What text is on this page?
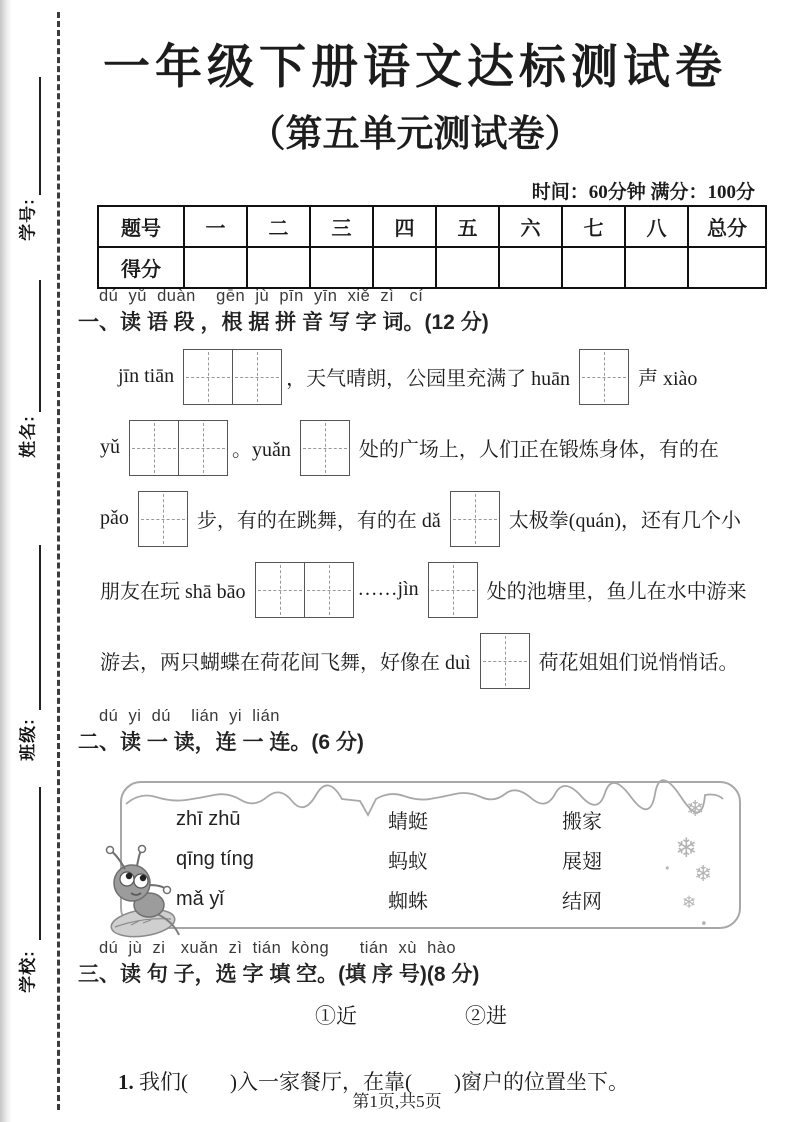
学号:
姓名:
班级:
学校:
一年级下册语文达标测试卷
（第五单元测试卷）
时间：60分钟 满分：100分
题号	一	二	三	四	五	六	七	八	总分
得分									
dú  yǔ  duàn    gēn  jù  pīn  yīn  xiě  zì   cí
一、读 语 段 ，根 据 拼 音 写 字 词。(12 分)
jīn tiān	，天气晴朗，公园里充满了 huān	声 xiào
yǔ	。yuǎn	处的广场上，人们正在锻炼身体，有的在
pǎo	步，有的在跳舞，有的在 dǎ	太极拳(quán)，还有几个小
朋友在玩 shā bāo	……jìn	处的池塘里，鱼儿在水中游来
游去，两只蝴蝶在荷花间飞舞，好像在 duì	荷花姐姐们说悄悄话。
dú  yi  dú    lián  yi  lián
二、读 一 读，连 一 连。(6 分)
zhī zhū	蜻蜓	搬家
qīng tíng	蚂蚁	展翅
mǎ yǐ	蜘蛛	结网
❄
❄
❄
❄
•
•
dú  jù  zi   xuǎn  zì  tián  kòng      tián  xù  hào
三、读 句 子，选 字 填 空。(填 序 号)(8 分)
①近	②进

1. 我们(　　)入一家餐厅，在靠(　　)窗户的位置坐下。

第1页,共5页
